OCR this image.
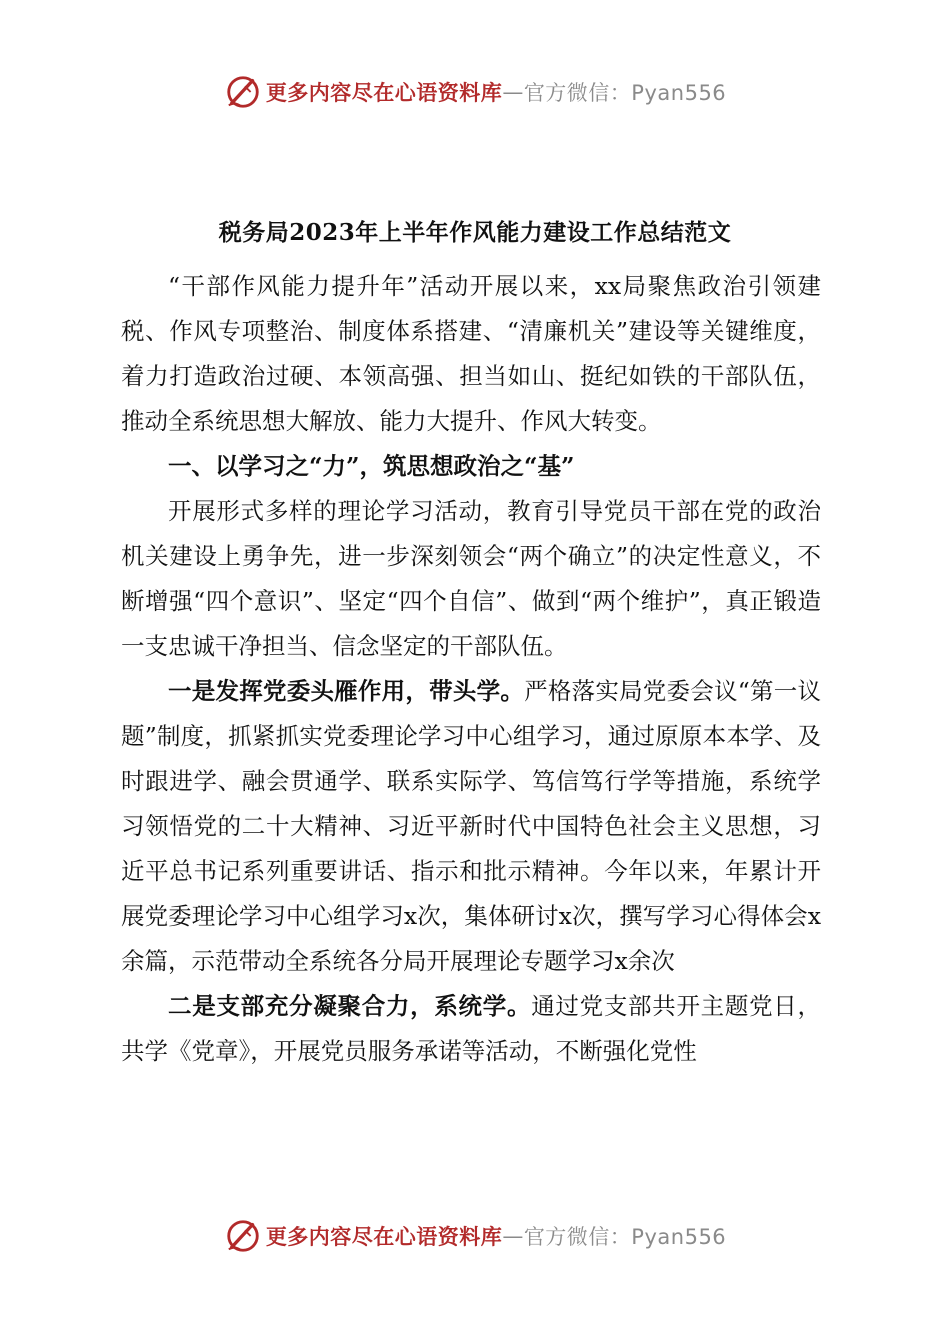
更多内容尽在心语资料库 — 官方微信：Pyan556
税务局2023年上半年作风能力建设工作总结范文

“干部作风能力提升年”活动开展以来，xx局聚焦政治引领建税、作风专项整治、制度体系搭建、“清廉机关”建设等关键维度，着力打造政治过硬、本领高强、担当如山、挺纪如铁的干部队伍，推动全系统思想大解放、能力大提升、作风大转变。

一、以学习之“力”，筑思想政治之“基”

开展形式多样的理论学习活动，教育引导党员干部在党的政治机关建设上勇争先，进一步深刻领会“两个确立”的决定性意义，不断增强“四个意识”、坚定“四个自信”、做到“两个维护”，真正锻造一支忠诚干净担当、信念坚定的干部队伍。

一是发挥党委头雁作用，带头学。严格落实局党委会议“第一议题”制度，抓紧抓实党委理论学习中心组学习，通过原原本本学、及时跟进学、融会贯通学、联系实际学、笃信笃行学等措施，系统学习领悟党的二十大精神、习近平新时代中国特色社会主义思想，习近平总书记系列重要讲话、指示和批示精神。今年以来，年累计开展党委理论学习中心组学习x次，集体研讨x次，撰写学习心得体会x余篇，示范带动全系统各分局开展理论专题学习x余次

二是支部充分凝聚合力，系统学。通过党支部共开主题党日，共学《党章》，开展党员服务承诺等活动，不断强化党性

更多内容尽在心语资料库 — 官方微信：Pyan556
